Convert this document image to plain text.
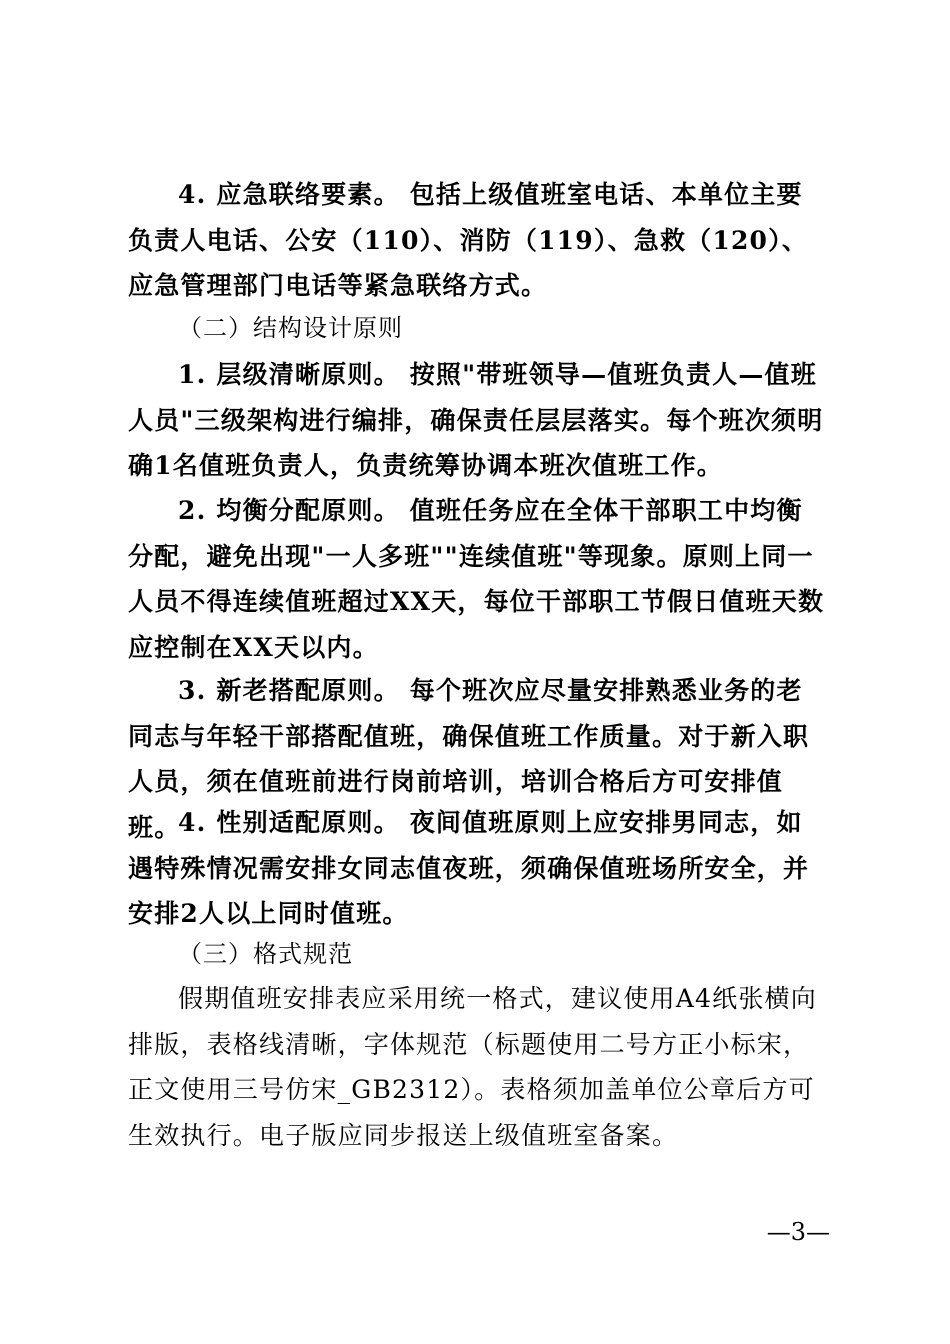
4. 应急联络要素。 包括上级值班室电话、本单位主要负责人电话、公安（110）、消防（119）、急救（120）、应急管理部门电话等紧急联络方式。

（二）结构设计原则

1. 层级清晰原则。 按照"带班领导—值班负责人—值班人员"三级架构进行编排，确保责任层层落实。每个班次须明确1名值班负责人，负责统筹协调本班次值班工作。

2. 均衡分配原则。 值班任务应在全体干部职工中均衡分配，避免出现"一人多班""连续值班"等现象。原则上同一人员不得连续值班超过XX天，每位干部职工节假日值班天数应控制在XX天以内。

3. 新老搭配原则。 每个班次应尽量安排熟悉业务的老同志与年轻干部搭配值班，确保值班工作质量。对于新入职人员，须在值班前进行岗前培训，培训合格后方可安排值班。

4. 性别适配原则。 夜间值班原则上应安排男同志，如遇特殊情况需安排女同志值夜班，须确保值班场所安全，并安排2人以上同时值班。

（三）格式规范

假期值班安排表应采用统一格式，建议使用A4纸张横向排版，表格线清晰，字体规范（标题使用二号方正小标宋，正文使用三号仿宋_GB2312）。表格须加盖单位公章后方可生效执行。电子版应同步报送上级值班室备案。

—3—
